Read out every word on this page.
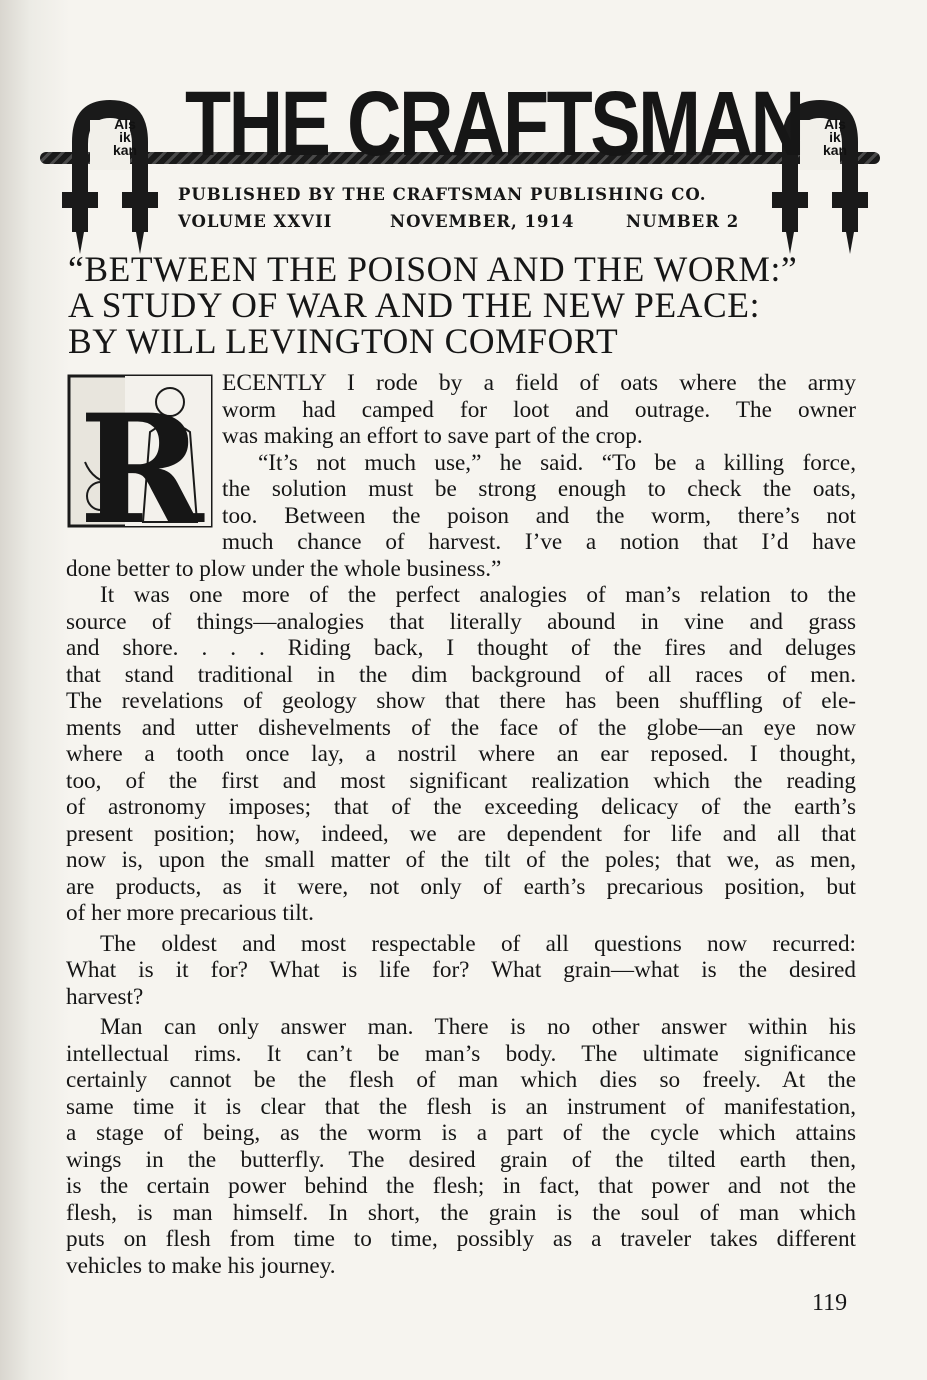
Als
ik
kan
Als
ik
kan
THE CRAFTSMAN
PUBLISHED BY THE CRAFTSMAN PUBLISHING CO.
VOLUME XXVII	NOVEMBER, 1914	NUMBER 2
“BETWEEN THE POISON AND THE WORM:”
A STUDY OF WAR AND THE NEW PEACE:
BY WILL LEVINGTON COMFORT
R ECENTLY I rode by a field of oats where the army
worm had camped for loot and outrage. The owner
was making an effort to save part of the crop.
“It’s not much use,” he said. “To be a killing force,
the solution must be strong enough to check the oats,
too. Between the poison and the worm, there’s not
much chance of harvest. I’ve a notion that I’d have
done better to plow under the whole business.”
It was one more of the perfect analogies of man’s relation to the
source of things—analogies that literally abound in vine and grass
and shore. . . . Riding back, I thought of the fires and deluges
that stand traditional in the dim background of all races of men.
The revelations of geology show that there has been shuffling of ele-
ments and utter dishevelments of the face of the globe—an eye now
where a tooth once lay, a nostril where an ear reposed. I thought,
too, of the first and most significant realization which the reading
of astronomy imposes; that of the exceeding delicacy of the earth’s
present position; how, indeed, we are dependent for life and all that
now is, upon the small matter of the tilt of the poles; that we, as men,
are products, as it were, not only of earth’s precarious position, but
of her more precarious tilt.
The oldest and most respectable of all questions now recurred:
What is it for? What is life for? What grain—what is the desired
harvest?
Man can only answer man. There is no other answer within his
intellectual rims. It can’t be man’s body. The ultimate significance
certainly cannot be the flesh of man which dies so freely. At the
same time it is clear that the flesh is an instrument of manifestation,
a stage of being, as the worm is a part of the cycle which attains
wings in the butterfly. The desired grain of the tilted earth then,
is the certain power behind the flesh; in fact, that power and not the
flesh, is man himself. In short, the grain is the soul of man which
puts on flesh from time to time, possibly as a traveler takes different
vehicles to make his journey.
119
